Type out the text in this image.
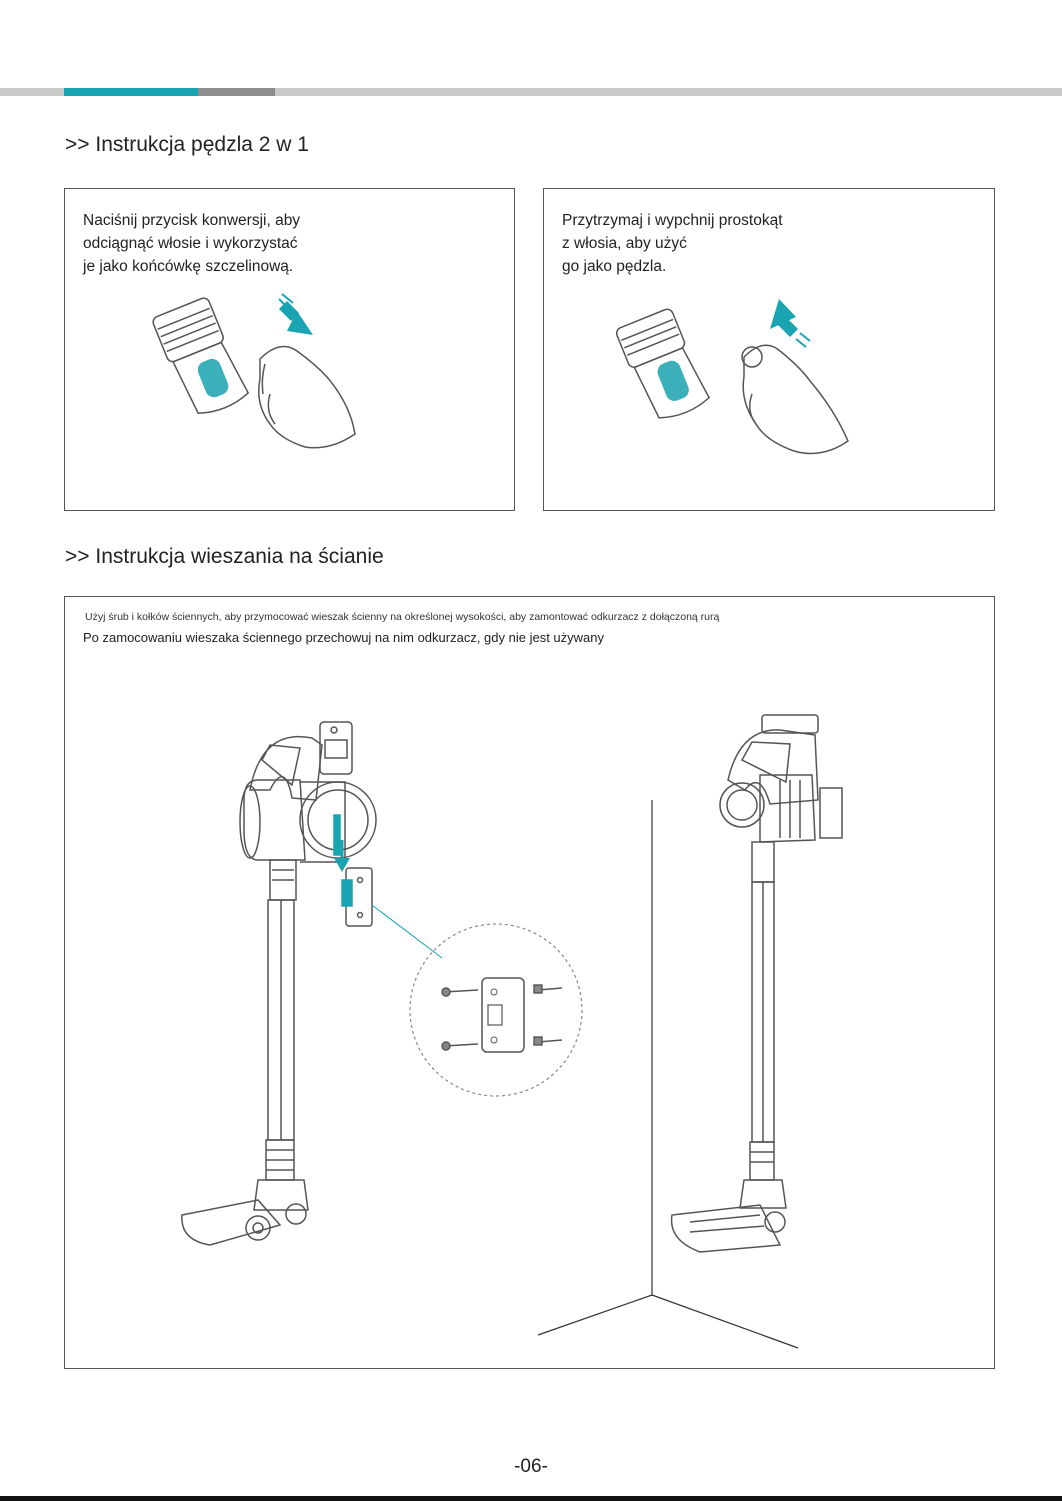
>> Instrukcja pędzla 2 w 1

Naciśnij przycisk konwersji, aby

odciągnąć włosie i wykorzystać

je jako końcówkę szczelinową.

Przytrzymaj i wypchnij prostokąt

z włosia, aby użyć

go jako pędzla.

>> Instrukcja wieszania na ścianie
Użyj śrub i kołków ściennych, aby przymocować wieszak ścienny na określonej wysokości, aby zamontować odkurzacz z dołączoną rurą
Po zamocowaniu wieszaka ściennego przechowuj na nim odkurzacz, gdy nie jest używany
-06-
